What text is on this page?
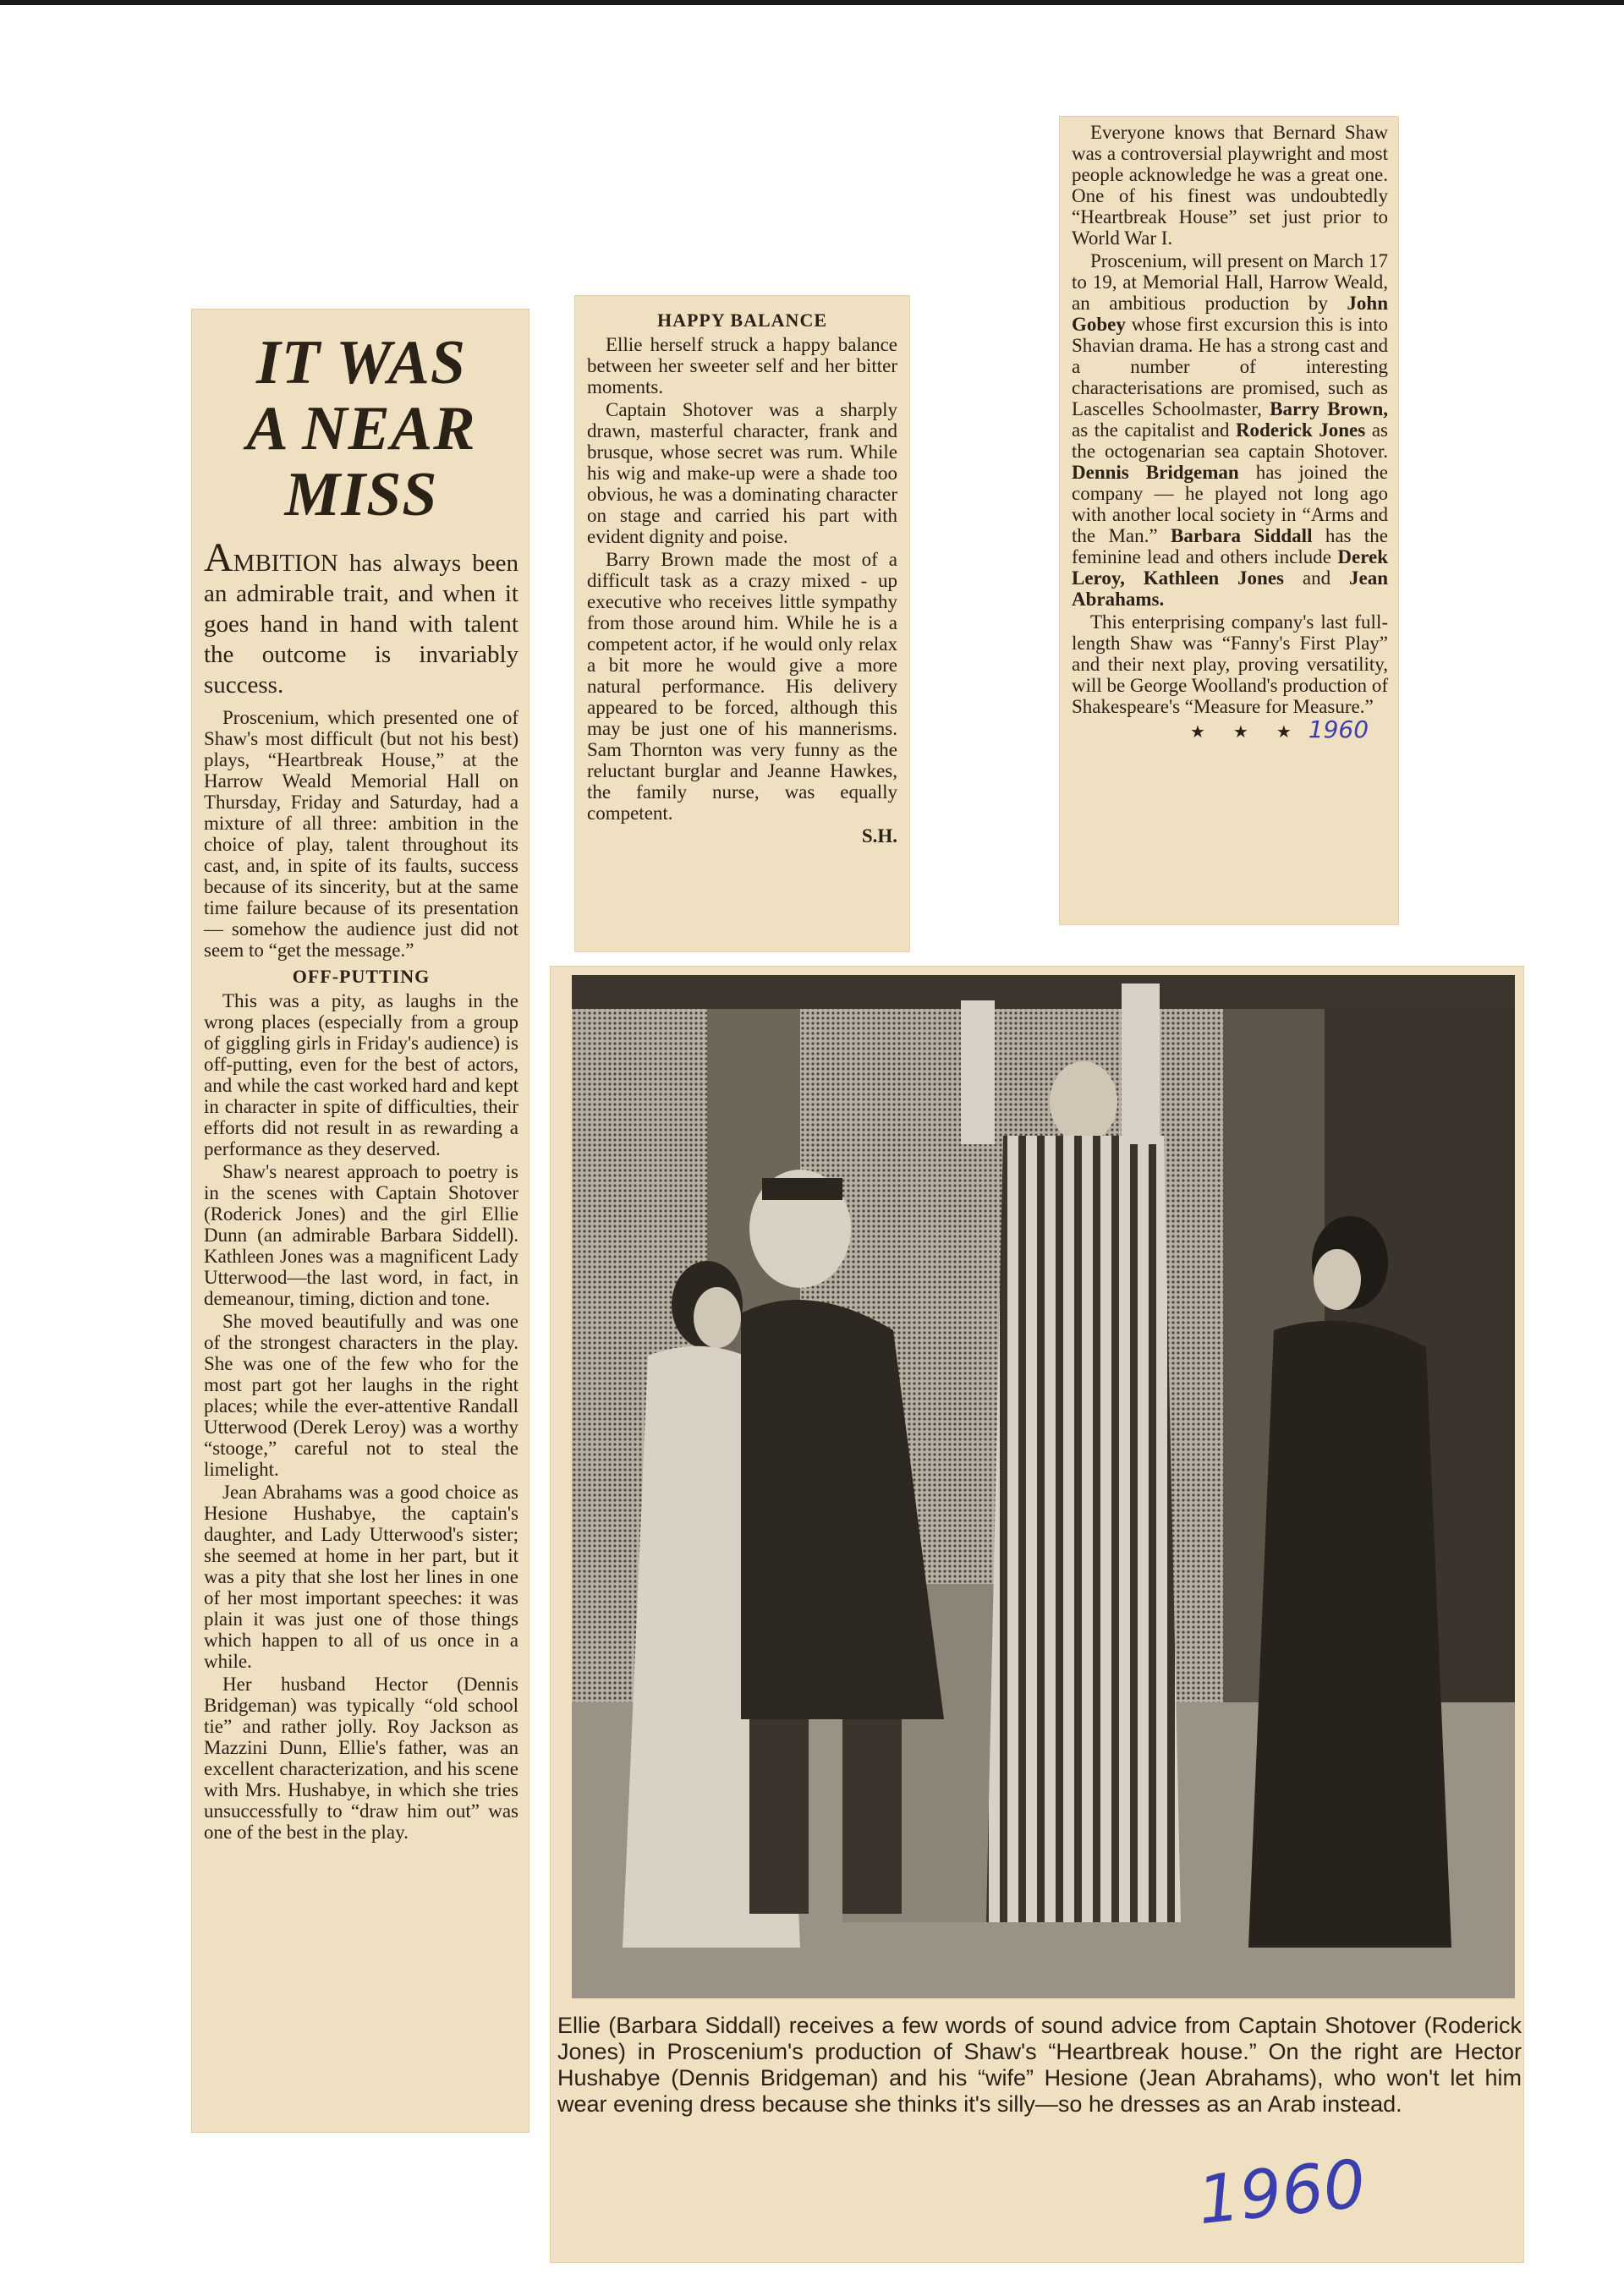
IT WAS
A NEAR
MISS

AMBITION has always been an admirable trait, and when it goes hand in hand with talent the outcome is invariably success.

Proscenium, which presented one of Shaw's most difficult (but not his best) plays, “Heartbreak House,” at the Harrow Weald Memorial Hall on Thursday, Friday and Saturday, had a mixture of all three: ambition in the choice of play, talent throughout its cast, and, in spite of its faults, success because of its sincerity, but at the same time failure because of its presentation — somehow the audience just did not seem to “get the message.”

OFF-PUTTING

This was a pity, as laughs in the wrong places (especially from a group of giggling girls in Friday's audience) is off-putting, even for the best of actors, and while the cast worked hard and kept in character in spite of difficulties, their efforts did not result in as rewarding a performance as they deserved.

Shaw's nearest approach to poetry is in the scenes with Captain Shotover (Roderick Jones) and the girl Ellie Dunn (an admirable Barbara Siddell). Kathleen Jones was a magnificent Lady Utterwood—the last word, in fact, in demeanour, timing, diction and tone.

She moved beautifully and was one of the strongest characters in the play. She was one of the few who for the most part got her laughs in the right places; while the ever-attentive Randall Utterwood (Derek Leroy) was a worthy “stooge,” careful not to steal the limelight.

Jean Abrahams was a good choice as Hesione Hushabye, the captain's daughter, and Lady Utterwood's sister; she seemed at home in her part, but it was a pity that she lost her lines in one of her most important speeches: it was plain it was just one of those things which happen to all of us once in a while.

Her husband Hector (Dennis Bridgeman) was typically “old school tie” and rather jolly. Roy Jackson as Mazzini Dunn, Ellie's father, was an excellent characterization, and his scene with Mrs. Hushabye, in which she tries unsuccessfully to “draw him out” was one of the best in the play.

HAPPY BALANCE

Ellie herself struck a happy balance between her sweeter self and her bitter moments.

Captain Shotover was a sharply drawn, masterful character, frank and brusque, whose secret was rum. While his wig and make-up were a shade too obvious, he was a dominating character on stage and carried his part with evident dignity and poise.

Barry Brown made the most of a difficult task as a crazy mixed - up executive who receives little sympathy from those around him. While he is a competent actor, if he would only relax a bit more he would give a more natural performance. His delivery appeared to be forced, although this may be just one of his mannerisms. Sam Thornton was very funny as the reluctant burglar and Jeanne Hawkes, the family nurse, was equally competent.

S.H.

Everyone knows that Bernard Shaw was a controversial playwright and most people acknowledge he was a great one. One of his finest was undoubtedly “Heartbreak House” set just prior to World War I.

Proscenium, will present on March 17 to 19, at Memorial Hall, Harrow Weald, an ambitious production by John Gobey whose first excursion this is into Shavian drama. He has a strong cast and a number of interesting characterisations are promised, such as Lascelles Schoolmaster, Barry Brown, as the capitalist and Roderick Jones as the octogenarian sea captain Shotover. Dennis Bridgeman has joined the company — he played not long ago with another local society in “Arms and the Man.” Barbara Siddall has the feminine lead and others include Derek Leroy, Kathleen Jones and Jean Abrahams.

This enterprising company's last full-length Shaw was “Fanny's First Play” and their next play, proving versatility, will be George Woolland's production of Shakespeare's “Measure for Measure.”

★ ★ ★ 1960
Ellie (Barbara Siddall) receives a few words of sound advice from Captain Shotover (Roderick Jones) in Proscenium's production of Shaw's “Heartbreak house.” On the right are Hector Hushabye (Dennis Bridgeman) and his “wife” Hesione (Jean Abrahams), who won't let him wear evening dress because she thinks it's silly—so he dresses as an Arab instead.
1960
